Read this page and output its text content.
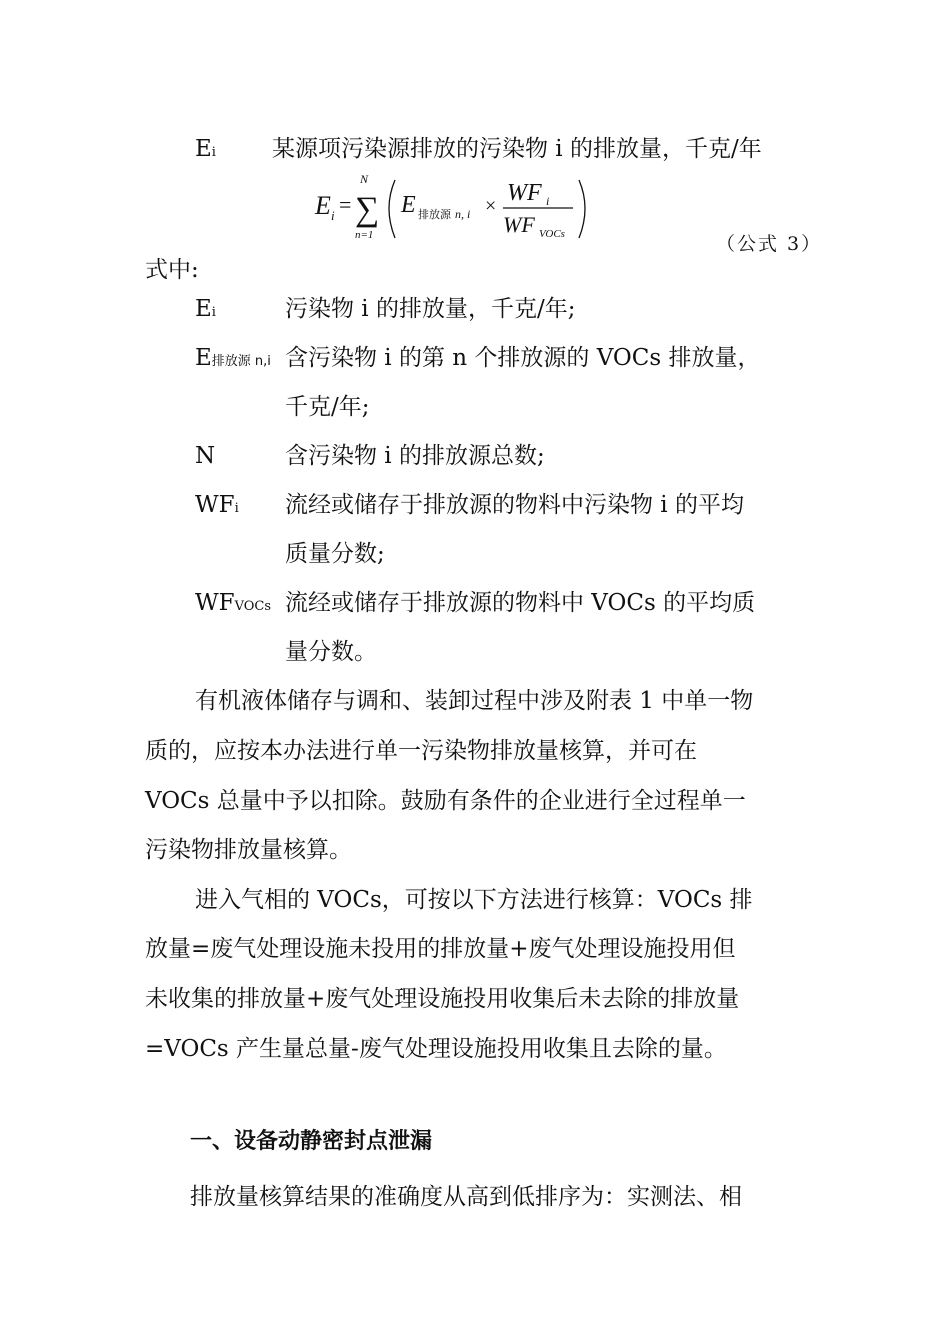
Ei 某源项污染源排放的污染物 i 的排放量，千克/年
E i =
N
∑
n=1
E 排放源 n, i × WF i
WF VOCs	（公式 3）
式中:
Ei	污染物 i 的排放量，千克/年;
E排放源 n,i 含污染物 i 的第 n 个排放源的 VOCs 排放量，
千克/年;
N	含污染物 i 的排放源总数;
WFi 流经或储存于排放源的物料中污染物 i 的平均
质量分数;
WFVOCs 流经或储存于排放源的物料中 VOCs 的平均质
量分数。
有机液体储存与调和、装卸过程中涉及附表 1 中单一物
质的，应按本办法进行单一污染物排放量核算，并可在
VOCs 总量中予以扣除。鼓励有条件的企业进行全过程单一
污染物排放量核算。
进入气相的 VOCs，可按以下方法进行核算：VOCs 排
放量=废气处理设施未投用的排放量+废气处理设施投用但
未收集的排放量+废气处理设施投用收集后未去除的排放量
=VOCs 产生量总量-废气处理设施投用收集且去除的量。
一、设备动静密封点泄漏
排放量核算结果的准确度从高到低排序为：实测法、相
